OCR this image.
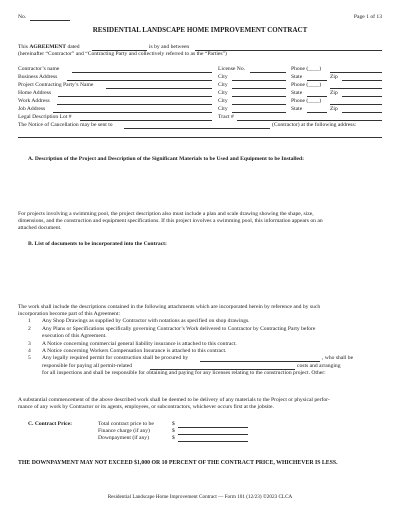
No.	Page 1 of 13
RESIDENTIAL LANDSCAPE HOME IMPROVEMENT CONTRACT
This AGREEMENT dated	is by and between
(hereinafter “Contractor” and “Contracting Party and collectively referred to as the “Parties”)
Contractor’s name	License No.	Phone (____)
Business Address	City	State	Zip
Project Contracting Party’s Name	City	Phone (____)
Home Address	City	State	Zip
Work Address	City	Phone (____)
Job Address	City	State	Zip
Legal Description Lot #	Tract #
The Notice of Cancellation may be sent to	(Contractor) at the following address:
A. Description of the Project and Description of the Significant Materials to be Used and Equipment to be Installed:
For projects involving a swimming pool, the project description also must include a plan and scale drawing showing the shape, size,
dimensions, and the construction and equipment specifications. If this project involves a swimming pool, this information appears on an
attached document.
B. List of documents to be incorporated into the Contract:
The work shall include the descriptions contained in the following attachments which are incorporated herein by reference and by such
incorporation become part of this Agreement:
1 Any Shop Drawings as supplied by Contractor with notations as specified on shop drawings.
2 Any Plans or Specifications specifically governing Contractor’s Work delivered to Contractor by Contracting Party before
execution of this Agreement.
3 A Notice concerning commercial general liability insurance is attached to this contract.
4 A Notice concerning Workers Compensation Insurance is attached to this contract.
5 Any legally required permit for construction shall be procured by	, who shall be
responsible for paying all permit-related	costs and arranging
for all inspections and shall be responsible for obtaining and paying for any licenses relating to the construction project. Other:
A substantial commencement of the above described work shall be deemed to be delivery of any materials to the Project or physical perfor-
mance of any work by Contractor or its agents, employees, or subcontractors, whichever occurs first at the jobsite.
C. Contract Price:	Total contract price to be	$
Finance charge (if any)	$
Downpayment (if any)	$
THE DOWNPAYMENT MAY NOT EXCEED $1,000 OR 10 PERCENT OF THE CONTRACT PRICE, WHICHEVER IS LESS.
Residential Landscape Home Improvement Contract — Form 101 (12/23) ©2023 CLCA
